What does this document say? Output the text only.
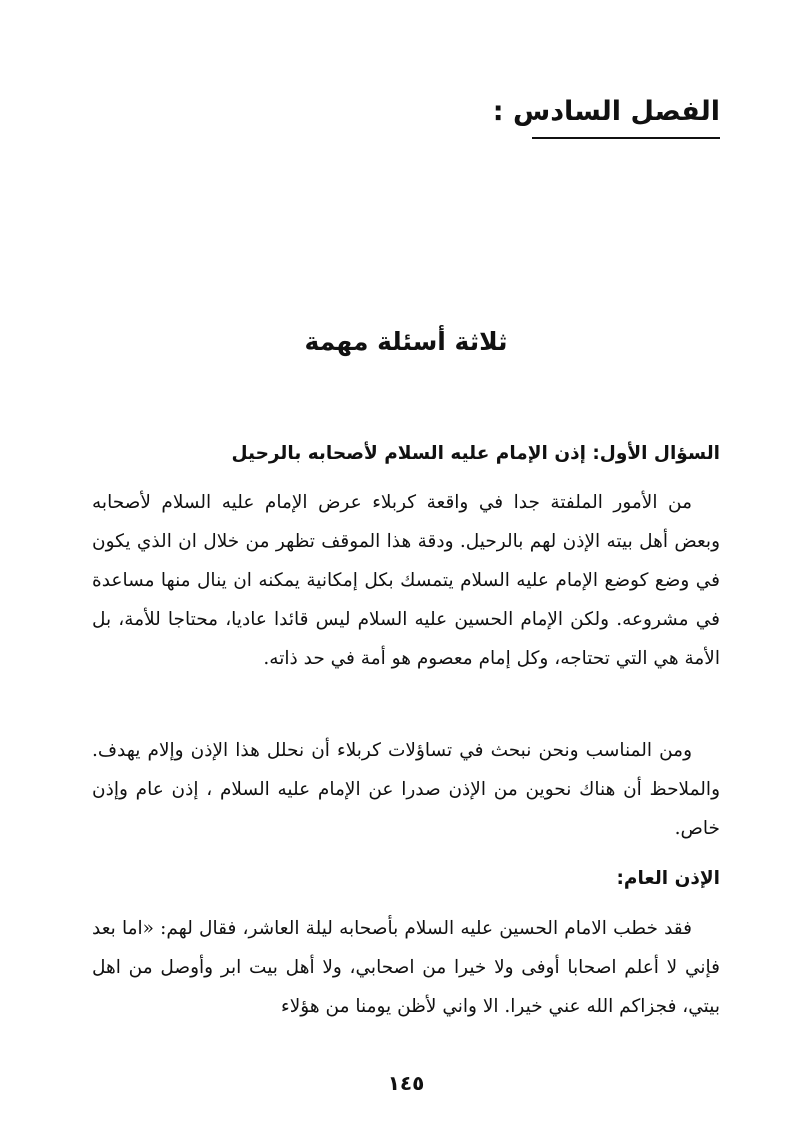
الفصل السادس :
ثلاثة أسئلة مهمة
السؤال الأول: إذن الإمام عليه السلام لأصحابه بالرحيل

من الأمور الملفتة جدا في واقعة كربلاء عرض الإمام عليه السلام لأصحابه وبعض أهل بيته الإذن لهم بالرحيل. ودقة هذا الموقف تظهر من خلال ان الذي يكون في وضع كوضع الإمام عليه السلام يتمسك بكل إمكانية يمكنه ان ينال منها مساعدة في مشروعه. ولكن الإمام الحسين عليه السلام ليس قائدا عاديا، محتاجا للأمة، بل الأمة هي التي تحتاجه، وكل إمام معصوم هو أمة في حد ذاته.

ومن المناسب ونحن نبحث في تساؤلات كربلاء أن نحلل هذا الإذن وإلام يهدف. والملاحظ أن هناك نحوين من الإذن صدرا عن الإمام عليه السلام ، إذن عام وإذن خاص.

الإذن العام:

فقد خطب الامام الحسين عليه السلام بأصحابه ليلة العاشر، فقال لهم: «اما بعد فإني لا أعلم اصحابا أوفى ولا خيرا من اصحابي، ولا أهل بيت ابر وأوصل من اهل بيتي، فجزاكم الله عني خيرا. الا واني لأظن يومنا من هؤلاء

١٤٥
